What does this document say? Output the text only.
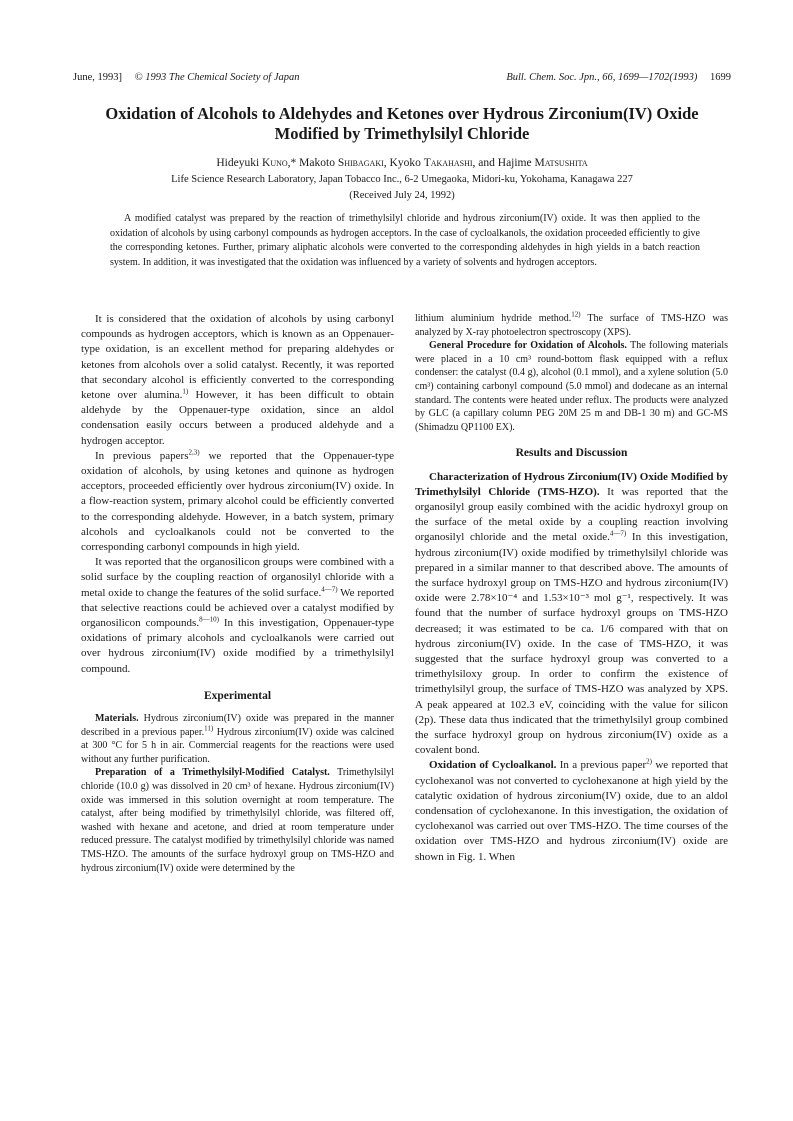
June, 1993] © 1993 The Chemical Society of Japan	Bull. Chem. Soc. Jpn., 66, 1699—1702(1993) 1699
Oxidation of Alcohols to Aldehydes and Ketones over Hydrous Zirconium(IV) Oxide Modified by Trimethylsilyl Chloride
Hideyuki Kuno,* Makoto Shibagaki, Kyoko Takahashi, and Hajime Matsushita
Life Science Research Laboratory, Japan Tobacco Inc., 6-2 Umegaoka, Midori-ku, Yokohama, Kanagawa 227
(Received July 24, 1992)

A modified catalyst was prepared by the reaction of trimethylsilyl chloride and hydrous zirconium(IV) oxide. It was then applied to the oxidation of alcohols by using carbonyl compounds as hydrogen acceptors. In the case of cycloalkanols, the oxidation proceeded efficiently to give the corresponding ketones. Further, primary aliphatic alcohols were converted to the corresponding aldehydes in high yields in a batch reaction system. In addition, it was investigated that the oxidation was influenced by a variety of solvents and hydrogen acceptors.

It is considered that the oxidation of alcohols by using carbonyl compounds as hydrogen acceptors, which is known as an Oppenauer-type oxidation, is an excellent method for preparing aldehydes or ketones from alcohols over a solid catalyst. Recently, it was reported that secondary alcohol is efficiently converted to the corresponding ketone over alumina.$^{1)}$ However, it has been difficult to obtain aldehyde by the Oppenauer-type oxidation, since an aldol condensation easily occurs between a produced aldehyde and a hydrogen acceptor.

In previous papers$^{2,3)}$ we reported that the Oppenauer-type oxidation of alcohols, by using ketones and quinone as hydrogen acceptors, proceeded efficiently over hydrous zirconium(IV) oxide. In a flow-reaction system, primary alcohol could be efficiently converted to the corresponding aldehyde. However, in a batch system, primary alcohols and cycloalkanols could not be converted to the corresponding carbonyl compounds in high yield.

It was reported that the organosilicon groups were combined with a solid surface by the coupling reaction of organosilyl chloride with a metal oxide to change the features of the solid surface.$^{4—7)}$ We reported that selective reactions could be achieved over a catalyst modified by organosilicon compounds.$^{8—10)}$ In this investigation, Oppenauer-type oxidations of primary alcohols and cycloalkanols were carried out over hydrous zirconium(IV) oxide modified by a trimethylsilyl compound.

Experimental

Materials. Hydrous zirconium(IV) oxide was prepared in the manner described in a previous paper.$^{11)}$ Hydrous zirconium(IV) oxide was calcined at 300 °C for 5 h in air. Commercial reagents for the reactions were used without any further purification.

Preparation of a Trimethylsilyl-Modified Catalyst. Trimethylsilyl chloride (10.0 g) was dissolved in 20 cm³ of hexane. Hydrous zirconium(IV) oxide was immersed in this solution overnight at room temperature. The catalyst, after being modified by trimethylsilyl chloride, was filtered off, washed with hexane and acetone, and dried at room temperature under reduced pressure. The catalyst modified by trimethylsilyl chloride was named TMS-HZO. The amounts of the surface hydroxyl group on TMS-HZO and hydrous zirconium(IV) oxide were determined by the

lithium aluminium hydride method.$^{12)}$ The surface of TMS-HZO was analyzed by X-ray photoelectron spectroscopy (XPS).

General Procedure for Oxidation of Alcohols. The following materials were placed in a 10 cm³ round-bottom flask equipped with a reflux condenser: the catalyst (0.4 g), alcohol (0.1 mmol), and a xylene solution (5.0 cm³) containing carbonyl compound (5.0 mmol) and dodecane as an internal standard. The contents were heated under reflux. The products were analyzed by GLC (a capillary column PEG 20M 25 m and DB-1 30 m) and GC-MS (Shimadzu QP1100 EX).

Results and Discussion

Characterization of Hydrous Zirconium(IV) Oxide Modified by Trimethylsilyl Chloride (TMS-HZO). It was reported that the organosilyl group easily combined with the acidic hydroxyl group on the surface of the metal oxide by a coupling reaction involving organosilyl chloride and the metal oxide.$^{4—7)}$ In this investigation, hydrous zirconium(IV) oxide modified by trimethylsilyl chloride was prepared in a similar manner to that described above. The amounts of the surface hydroxyl group on TMS-HZO and hydrous zirconium(IV) oxide were 2.78×10⁻⁴ and 1.53×10⁻³ mol g⁻¹, respectively. It was found that the number of surface hydroxyl groups on TMS-HZO decreased; it was estimated to be ca. 1/6 compared with that on hydrous zirconium(IV) oxide. In the case of TMS-HZO, it was suggested that the surface hydroxyl group was converted to a trimethylsiloxy group. In order to confirm the existence of trimethylsilyl group, the surface of TMS-HZO was analyzed by XPS. A peak appeared at 102.3 eV, coinciding with the value for silicon (2p). These data thus indicated that the trimethylsilyl group combined the surface hydroxyl group on hydrous zirconium(IV) oxide as a covalent bond.

Oxidation of Cycloalkanol. In a previous paper$^{2)}$ we reported that cyclohexanol was not converted to cyclohexanone at high yield by the catalytic oxidation of hydrous zirconium(IV) oxide, due to an aldol condensation of cyclohexanone. In this investigation, the oxidation of cyclohexanol was carried out over TMS-HZO. The time courses of the oxidation over TMS-HZO and hydrous zirconium(IV) oxide are shown in Fig. 1. When
